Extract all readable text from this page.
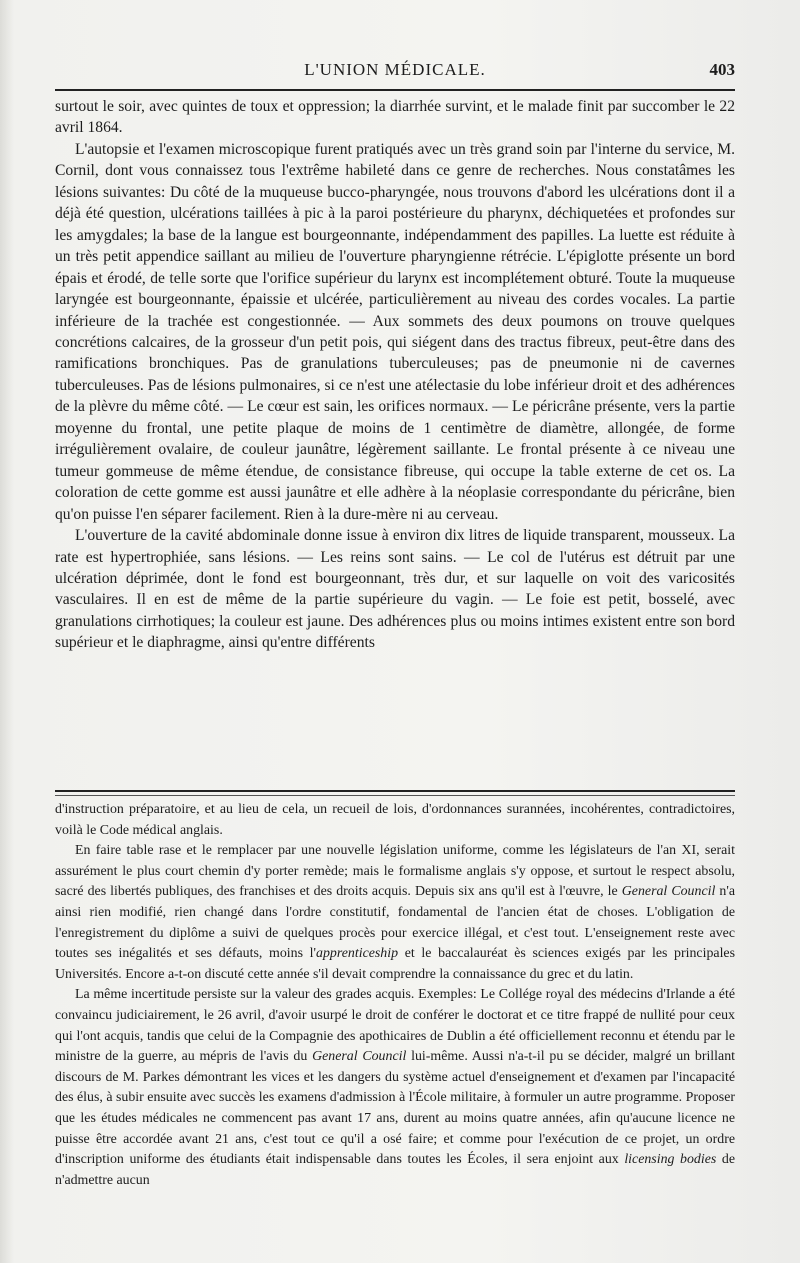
L'UNION MÉDICALE.	403

surtout le soir, avec quintes de toux et oppression; la diarrhée survint, et le malade finit par succomber le 22 avril 1864.

L'autopsie et l'examen microscopique furent pratiqués avec un très grand soin par l'interne du service, M. Cornil, dont vous connaissez tous l'extrême habileté dans ce genre de recherches. Nous constatâmes les lésions suivantes: Du côté de la muqueuse bucco-pharyngée, nous trouvons d'abord les ulcérations dont il a déjà été question, ulcérations taillées à pic à la paroi postérieure du pharynx, déchiquetées et profondes sur les amygdales; la base de la langue est bourgeonnante, indépendamment des papilles. La luette est réduite à un très petit appendice saillant au milieu de l'ouverture pharyngienne rétrécie. L'épiglotte présente un bord épais et érodé, de telle sorte que l'orifice supérieur du larynx est incomplétement obturé. Toute la muqueuse laryngée est bourgeonnante, épaissie et ulcérée, particulièrement au niveau des cordes vocales. La partie inférieure de la trachée est congestionnée. — Aux sommets des deux poumons on trouve quelques concrétions calcaires, de la grosseur d'un petit pois, qui siégent dans des tractus fibreux, peut-être dans des ramifications bronchiques. Pas de granulations tuberculeuses; pas de pneumonie ni de cavernes tuberculeuses. Pas de lésions pulmonaires, si ce n'est une atélectasie du lobe inférieur droit et des adhérences de la plèvre du même côté. — Le cœur est sain, les orifices normaux. — Le péricrâne présente, vers la partie moyenne du frontal, une petite plaque de moins de 1 centimètre de diamètre, allongée, de forme irrégulièrement ovalaire, de couleur jaunâtre, légèrement saillante. Le frontal présente à ce niveau une tumeur gommeuse de même étendue, de consistance fibreuse, qui occupe la table externe de cet os. La coloration de cette gomme est aussi jaunâtre et elle adhère à la néoplasie correspondante du péricrâne, bien qu'on puisse l'en séparer facilement. Rien à la dure-mère ni au cerveau.

L'ouverture de la cavité abdominale donne issue à environ dix litres de liquide transparent, mousseux. La rate est hypertrophiée, sans lésions. — Les reins sont sains. — Le col de l'utérus est détruit par une ulcération déprimée, dont le fond est bourgeonnant, très dur, et sur laquelle on voit des varicosités vasculaires. Il en est de même de la partie supérieure du vagin. — Le foie est petit, bosselé, avec granulations cirrhotiques; la couleur est jaune. Des adhérences plus ou moins intimes existent entre son bord supérieur et le diaphragme, ainsi qu'entre différents

d'instruction préparatoire, et au lieu de cela, un recueil de lois, d'ordonnances surannées, incohérentes, contradictoires, voilà le Code médical anglais.

En faire table rase et le remplacer par une nouvelle législation uniforme, comme les législateurs de l'an XI, serait assurément le plus court chemin d'y porter remède; mais le formalisme anglais s'y oppose, et surtout le respect absolu, sacré des libertés publiques, des franchises et des droits acquis. Depuis six ans qu'il est à l'œuvre, le General Council n'a ainsi rien modifié, rien changé dans l'ordre constitutif, fondamental de l'ancien état de choses. L'obligation de l'enregistrement du diplôme a suivi de quelques procès pour exercice illégal, et c'est tout. L'enseignement reste avec toutes ses inégalités et ses défauts, moins l'apprenticeship et le baccalauréat ès sciences exigés par les principales Universités. Encore a-t-on discuté cette année s'il devait comprendre la connaissance du grec et du latin.

La même incertitude persiste sur la valeur des grades acquis. Exemples: Le Collége royal des médecins d'Irlande a été convaincu judiciairement, le 26 avril, d'avoir usurpé le droit de conférer le doctorat et ce titre frappé de nullité pour ceux qui l'ont acquis, tandis que celui de la Compagnie des apothicaires de Dublin a été officiellement reconnu et étendu par le ministre de la guerre, au mépris de l'avis du General Council lui-même. Aussi n'a-t-il pu se décider, malgré un brillant discours de M. Parkes démontrant les vices et les dangers du système actuel d'enseignement et d'examen par l'incapacité des élus, à subir ensuite avec succès les examens d'admission à l'École militaire, à formuler un autre programme. Proposer que les études médicales ne commencent pas avant 17 ans, durent au moins quatre années, afin qu'aucune licence ne puisse être accordée avant 21 ans, c'est tout ce qu'il a osé faire; et comme pour l'exécution de ce projet, un ordre d'inscription uniforme des étudiants était indispensable dans toutes les Écoles, il sera enjoint aux licensing bodies de n'admettre aucun
